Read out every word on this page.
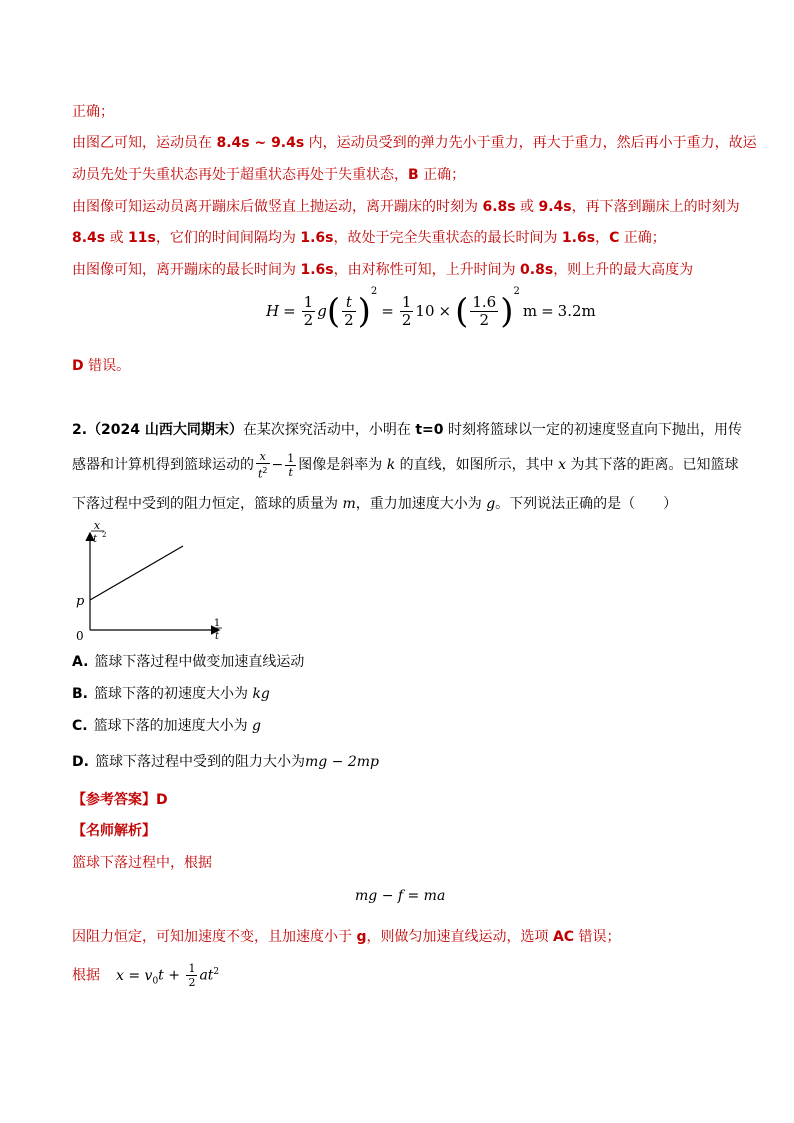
正确；
由图乙可知，运动员在 8.4s ~ 9.4s 内，运动员受到的弹力先小于重力，再大于重力，然后再小于重力，故运
动员先处于失重状态再处于超重状态再处于失重状态，B 正确；
由图像可知运动员离开蹦床后做竖直上抛运动，离开蹦床的时刻为 6.8s 或 9.4s，再下落到蹦床上的时刻为
8.4s 或 11s，它们的时间间隔均为 1.6s，故处于完全失重状态的最长时间为 1.6s，C 正确；
由图像可知，离开蹦床的最长时间为 1.6s，由对称性可知，上升时间为 0.8s，则上升的最大高度为
$H = \frac{1}{2} g( \frac{t}{2} )^2= \frac{1}{2} 10$ × ( $\frac{1.6}{2} )^2m = 3.2m$
D 错误。
2.（2024 山西大同期末）在某次探究活动中，小明在 t=0 时刻将篮球以一定的初速度竖直向下抛出，用传
感器和计算机得到篮球运动的 $\frac{x}{t^2} - \frac{1}{t}$ 图像是斜率为 k 的直线，如图所示，其中 x 为其下落的距离。已知篮球
下落过程中受到的阻力恒定，篮球的质量为 m，重力加速度大小为 g。下列说法正确的是（　　）
x
t 2
p
0
1
t
A. 篮球下落过程中做变加速直线运动
B. 篮球下落的初速度大小为 kg
C. 篮球下落的加速度大小为 g
D. 篮球下落过程中受到的阻力大小为mg − 2mp
【参考答案】D
【名师解析】
篮球下落过程中，根据
mg − f = ma
因阻力恒定，可知加速度不变，且加速度小于 g，则做匀加速直线运动，选项 AC 错误；
根据 $x = v_0t + \frac{1}{2} at^2$
